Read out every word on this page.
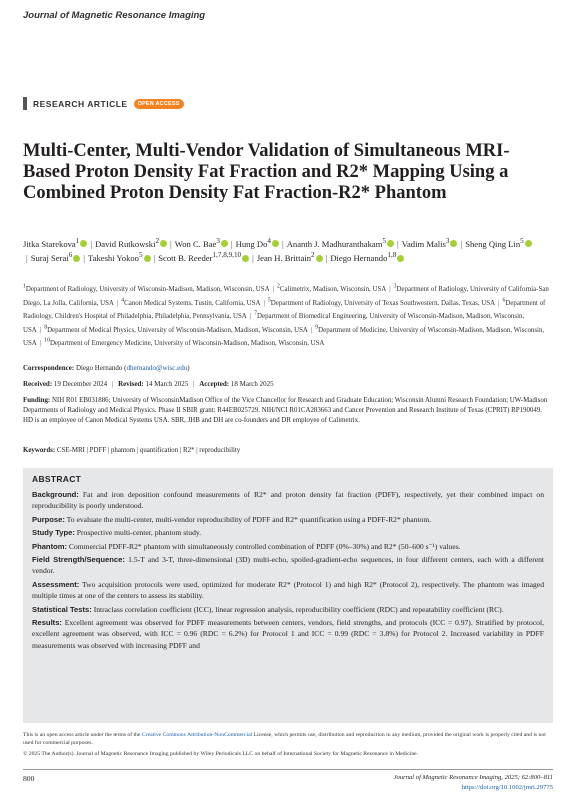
Journal of Magnetic Resonance Imaging
RESEARCH ARTICLE	OPEN ACCESS
Multi-Center, Multi-Vendor Validation of Simultaneous MRI-Based Proton Density Fat Fraction and R2* Mapping Using a Combined Proton Density Fat Fraction-R2* Phantom
Jitka Starekova$^1$ | David Rutkowski$^2$ | Won C. Bae$^3$ | Hung Do$^4$ | Ananth J. Madhuranthakam$^5$ | Vadim Malis$^3$ | Sheng Qing Lin$^5$| Suraj Serai$^6$ | Takeshi Yokoo$^5$ | Scott B. Reeder$^{1,7,8,9,10}$ | Jean H. Brittain$^2$ | Diego Hernando$^{1,8}$
$^1$Department of Radiology, University of Wisconsin-Madison, Madison, Wisconsin, USA | $^2$Calimetrix, Madison, Wisconsin, USA | $^3$Department of Radiology, University of California-San Diego, La Jolla, California, USA | $^4$Canon Medical Systems, Tustin, California, USA | $^5$Department of Radiology, University of Texas Southwestern, Dallas, Texas, USA | $^6$Department of Radiology, Children's Hospital of Philadelphia, Philadelphia, Pennsylvania, USA | $^7$Department of Biomedical Engineering, University of Wisconsin-Madison, Madison, Wisconsin, USA | $^8$Department of Medical Physics, University of Wisconsin-Madison, Madison, Wisconsin, USA | $^9$Department of Medicine, University of Wisconsin-Madison, Madison, Wisconsin, USA | $^{10}$Department of Emergency Medicine, University of Wisconsin-Madison, Madison, Wisconsin, USA
Correspondence: Diego Hernando (dhernando@wisc.edu)
Received: 19 December 2024 | Revised: 14 March 2025 | Accepted: 18 March 2025
Funding: NIH R01 EB031886; University of WisconsinMadison Office of the Vice Chancellor for Research and Graduate Education; Wisconsin Alumni Research Foundation; UW-Madison Departments of Radiology and Medical Physics. Phase II SBIR grant: R44EB025729. NIH/NCI R01CA283663 and Cancer Prevention and Research Institute of Texas (CPRIT) RP190049. HD is an employee of Canon Medical Systems USA. SBR, JHB and DH are co-founders and DR employee of Calimetrix.
Keywords: CSE-MRI | PDFF | phantom | quantification | R2* | reproducibility
ABSTRACT

Background: Fat and iron deposition confound measurements of R2* and proton density fat fraction (PDFF), respectively, yet their combined impact on reproducibility is poorly understood.

Purpose: To evaluate the multi-center, multi-vendor reproducibility of PDFF and R2* quantification using a PDFF-R2* phantom.

Study Type: Prospective multi-center, phantom study.

Phantom: Commercial PDFF-R2* phantom with simultaneously controlled combination of PDFF (0%–30%) and R2* (50–600 s⁻¹) values.

Field Strength/Sequence: 1.5-T and 3-T, three-dimensional (3D) multi-echo, spoiled-gradient-echo sequences, in four different centers, each with a different vendor.

Assessment: Two acquisition protocols were used, optimized for moderate R2* (Protocol 1) and high R2* (Protocol 2), respectively. The phantom was imaged multiple times at one of the centers to assess its stability.

Statistical Tests: Intraclass correlation coefficient (ICC), linear regression analysis, reproducibility coefficient (RDC) and repeatability coefficient (RC).

Results: Excellent agreement was observed for PDFF measurements between centers, vendors, field strengths, and protocols (ICC = 0.97). Stratified by protocol, excellent agreement was observed, with ICC = 0.96 (RDC = 6.2%) for Protocol 1 and ICC = 0.99 (RDC = 3.8%) for Protocol 2. Increased variability in PDFF measurements was observed with increasing PDFF and

This is an open access article under the terms of the Creative Commons Attribution-NonCommercial License, which permits use, distribution and reproduction in any medium, provided the original work is properly cited and is not used for commercial purposes.
© 2025 The Author(s). Journal of Magnetic Resonance Imaging published by Wiley Periodicals LLC on behalf of International Society for Magnetic Resonance in Medicine.
800	Journal of Magnetic Resonance Imaging, 2025; 62:800–811
https://doi.org/10.1002/jmri.29775
